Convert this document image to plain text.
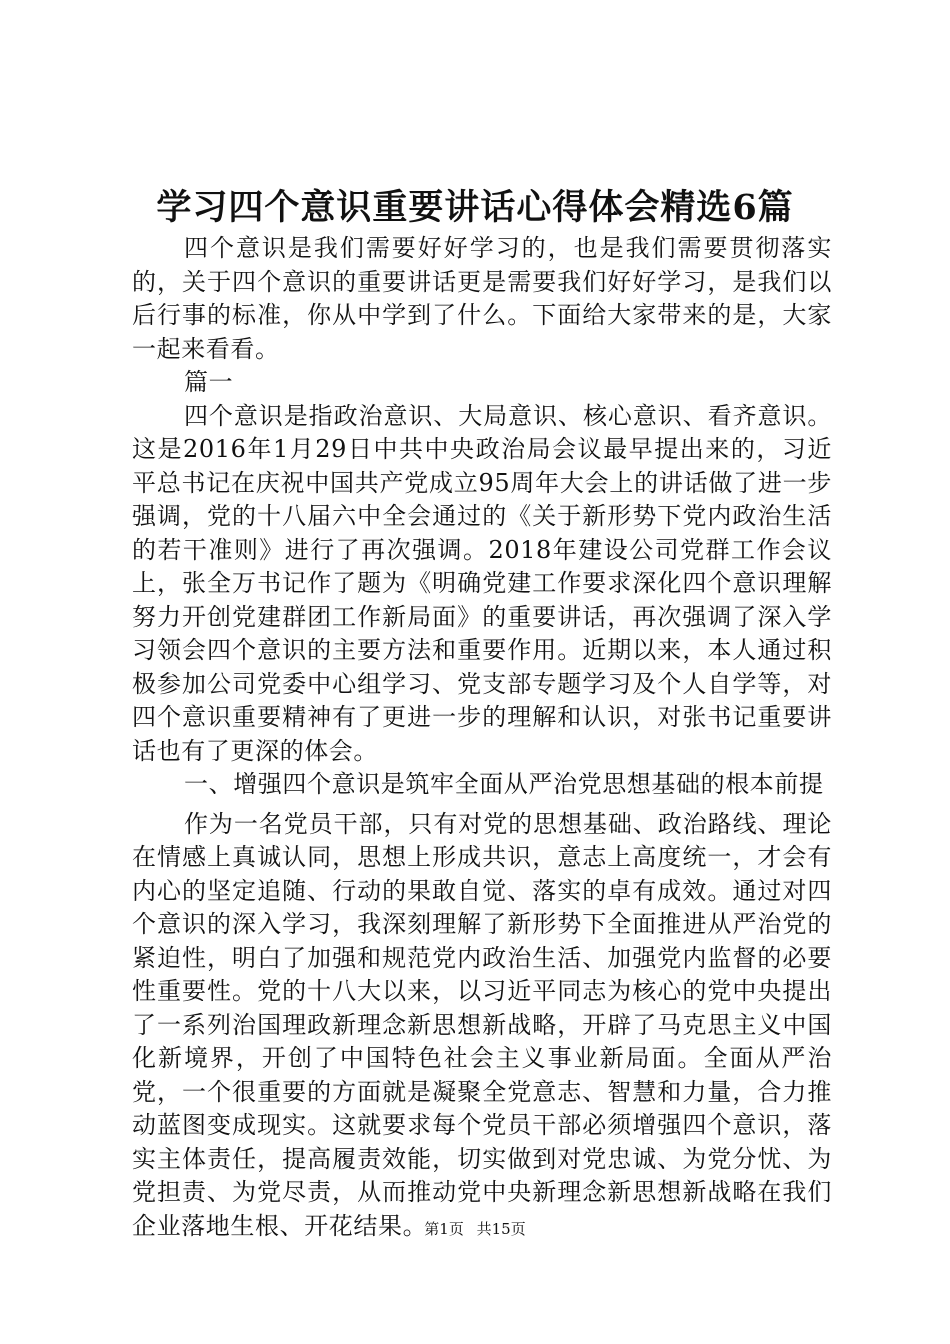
学习四个意识重要讲话心得体会精选6篇

四个意识是我们需要好好学习的，也是我们需要贯彻落实的，关于四个意识的重要讲话更是需要我们好好学习，是我们以后行事的标准，你从中学到了什么。下面给大家带来的是，大家一起来看看。

篇一

四个意识是指政治意识、大局意识、核心意识、看齐意识。这是2016年1月29日中共中央政治局会议最早提出来的，习近平总书记在庆祝中国共产党成立95周年大会上的讲话做了进一步强调，党的十八届六中全会通过的《关于新形势下党内政治生活的若干准则》进行了再次强调。2018年建设公司党群工作会议上，张全万书记作了题为《明确党建工作要求深化四个意识理解努力开创党建群团工作新局面》的重要讲话，再次强调了深入学习领会四个意识的主要方法和重要作用。近期以来，本人通过积极参加公司党委中心组学习、党支部专题学习及个人自学等，对四个意识重要精神有了更进一步的理解和认识，对张书记重要讲话也有了更深的体会。

一、增强四个意识是筑牢全面从严治党思想基础的根本前提

作为一名党员干部，只有对党的思想基础、政治路线、理论在情感上真诚认同，思想上形成共识，意志上高度统一，才会有内心的坚定追随、行动的果敢自觉、落实的卓有成效。通过对四个意识的深入学习，我深刻理解了新形势下全面推进从严治党的紧迫性，明白了加强和规范党内政治生活、加强党内监督的必要性重要性。党的十八大以来，以习近平同志为核心的党中央提出了一系列治国理政新理念新思想新战略，开辟了马克思主义中国化新境界，开创了中国特色社会主义事业新局面。全面从严治党，一个很重要的方面就是凝聚全党意志、智慧和力量，合力推动蓝图变成现实。这就要求每个党员干部必须增强四个意识，落实主体责任，提高履责效能，切实做到对党忠诚、为党分忧、为党担责、为党尽责，从而推动党中央新理念新思想新战略在我们企业落地生根、开花结果。

第1页 共15页
